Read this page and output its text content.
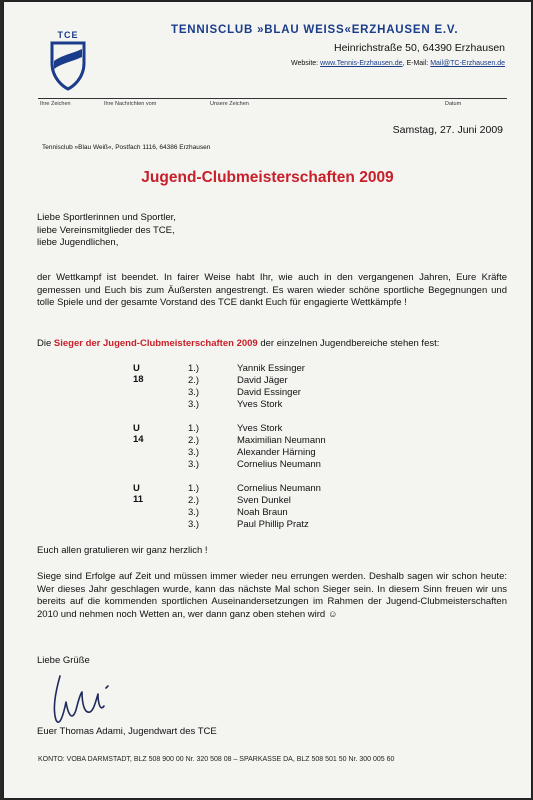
TCE	TENNISCLUB »BLAU WEISS«ERZHAUSEN E.V.
Heinrichstraße 50, 64390 Erzhausen
Website: www.Tennis-Erzhausen.de, E-Mail: Mail@TC-Erzhausen.de
Ihre Zeichen	Ihre Nachrichten vom	Unsere Zeichen	Datum
Samstag, 27. Juni 2009
Tennisclub »Blau Weiß«, Postfach 1116, 64386 Erzhausen
Jugend-Clubmeisterschaften 2009
Liebe Sportlerinnen und Sportler,
liebe Vereinsmitglieder des TCE,
liebe Jugendlichen,
der Wettkampf ist beendet. In fairer Weise habt Ihr, wie auch in den vergangenen Jahren, Eure Kräfte gemessen und Euch bis zum Äußersten angestrengt. Es waren wieder schöne sportliche Begegnungen und tolle Spiele und der gesamte Vorstand des TCE dankt Euch für engagierte Wettkämpfe !
Die Sieger der Jugend-Clubmeisterschaften 2009 der einzelnen Jugendbereiche stehen fest:
U 18
1.)	Yannik Essinger
2.)	David Jäger
3.)	David Essinger
3.)	Yves Stork
U 14
1.)	Yves Stork
2.)	Maximilian Neumann
3.)	Alexander Härning
3.)	Cornelius Neumann
U 11
1.)	Cornelius Neumann
2.)	Sven Dunkel
3.)	Noah Braun
3.)	Paul Phillip Pratz
Euch allen gratulieren wir ganz herzlich !
Siege sind Erfolge auf Zeit und müssen immer wieder neu errungen werden. Deshalb sagen wir schon heute: Wer dieses Jahr geschlagen wurde, kann das nächste Mal schon Sieger sein. In diesem Sinn freuen wir uns bereits auf die kommenden sportlichen Auseinandersetzungen im Rahmen der Jugend-Clubmeisterschaften 2010 und nehmen noch Wetten an, wer dann ganz oben stehen wird ☺
Liebe Grüße
Euer Thomas Adami, Jugendwart des TCE
KONTO: VOBA DARMSTADT, BLZ 508 900 00 Nr. 320 508 08 – SPARKASSE DA, BLZ 508 501 50 Nr. 300 005 60
